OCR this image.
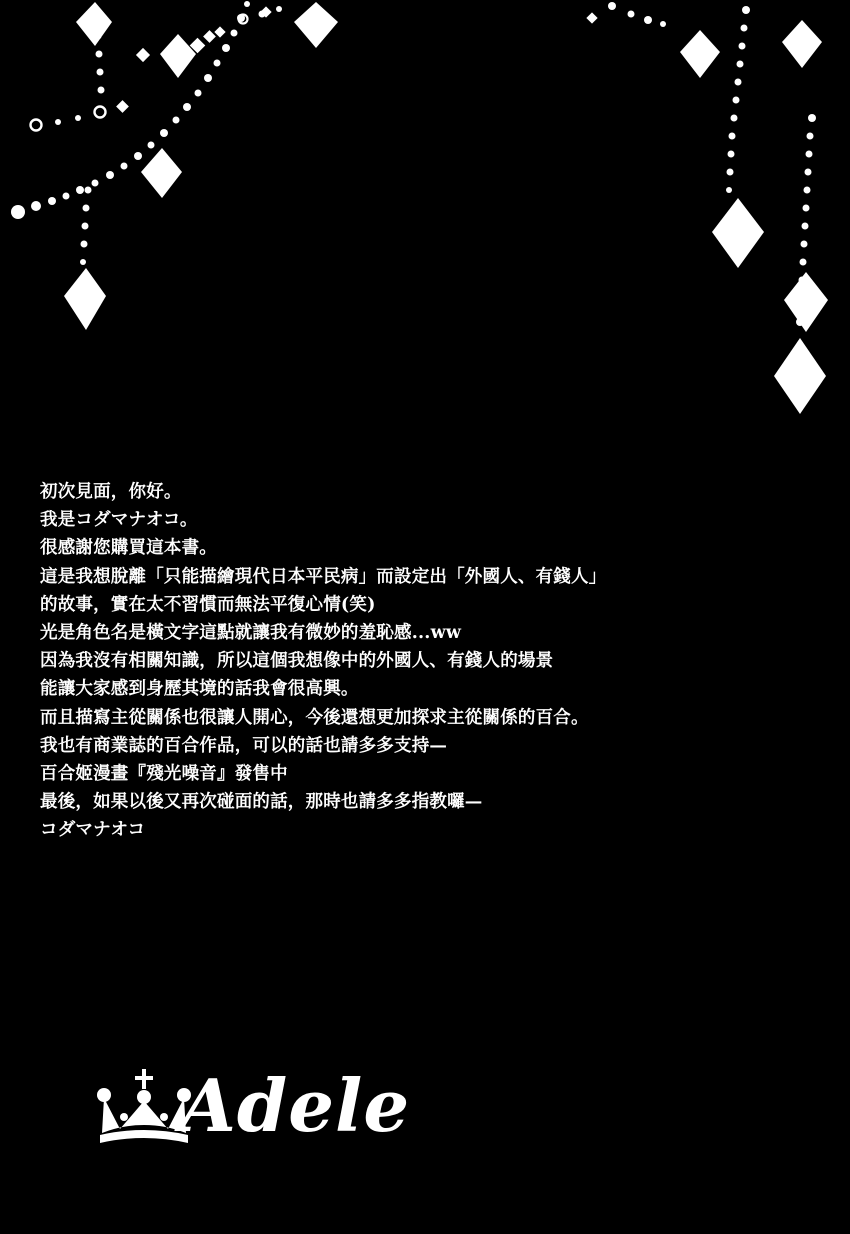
初次見面，你好。
我是コダマナオコ。
很感謝您購買這本書。
這是我想脫離「只能描繪現代日本平民病」而設定出「外國人、有錢人」
的故事，實在太不習慣而無法平復心情(笑)
光是角色名是橫文字這點就讓我有微妙的羞恥感...ww
因為我沒有相關知識，所以這個我想像中的外國人、有錢人的場景
能讓大家感到身歷其境的話我會很高興。
而且描寫主從關係也很讓人開心，今後還想更加探求主從關係的百合。
我也有商業誌的百合作品，可以的話也請多多支持—
百合姬漫畫『殘光噪音』發售中
最後，如果以後又再次碰面的話，那時也請多多指教囉—
コダマナオコ
Adele
